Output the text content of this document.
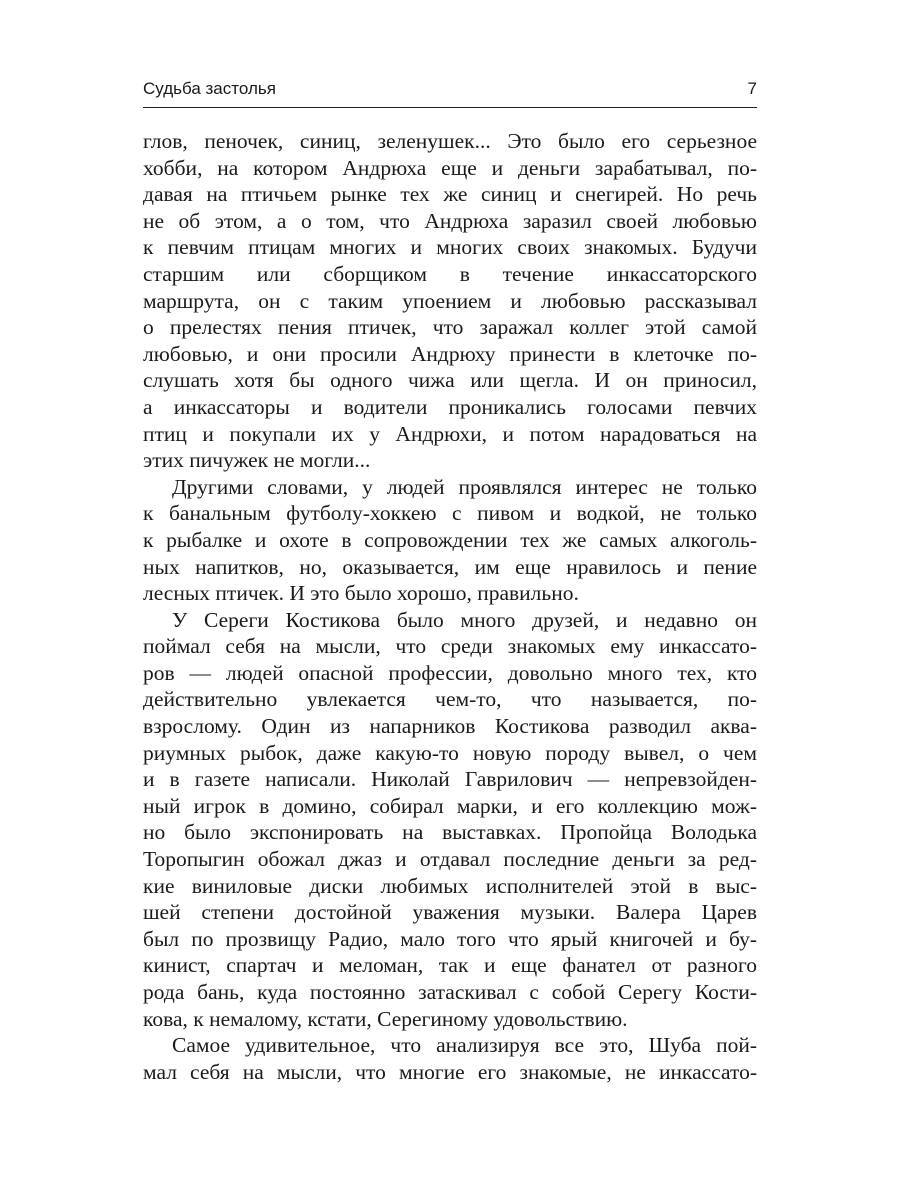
Судьба застолья	7
глов, пеночек, синиц, зеленушек... Это было его серьезное
хобби, на котором Андрюха еще и деньги зарабатывал, по-
давая на птичьем рынке тех же синиц и снегирей. Но речь
не об этом, а о том, что Андрюха заразил своей любовью
к певчим птицам многих и многих своих знакомых. Будучи
старшим или сборщиком в течение инкассаторского
маршрута, он с таким упоением и любовью рассказывал
о прелестях пения птичек, что заражал коллег этой самой
любовью, и они просили Андрюху принести в клеточке по-
слушать хотя бы одного чижа или щегла. И он приносил,
а инкассаторы и водители проникались голосами певчих
птиц и покупали их у Андрюхи, и потом нарадоваться на
этих пичужек не могли...
Другими словами, у людей проявлялся интерес не только
к банальным футболу-хоккею с пивом и водкой, не только
к рыбалке и охоте в сопровождении тех же самых алкоголь-
ных напитков, но, оказывается, им еще нравилось и пение
лесных птичек. И это было хорошо, правильно.
У Сереги Костикова было много друзей, и недавно он
поймал себя на мысли, что среди знакомых ему инкассато-
ров — людей опасной профессии, довольно много тех, кто
действительно увлекается чем-то, что называется, по-
взрослому. Один из напарников Костикова разводил аква-
риумных рыбок, даже какую-то новую породу вывел, о чем
и в газете написали. Николай Гаврилович — непревзойден-
ный игрок в домино, собирал марки, и его коллекцию мож-
но было экспонировать на выставках. Пропойца Володька
Торопыгин обожал джаз и отдавал последние деньги за ред-
кие виниловые диски любимых исполнителей этой в выс-
шей степени достойной уважения музыки. Валера Царев
был по прозвищу Радио, мало того что ярый книгочей и бу-
кинист, спартач и меломан, так и еще фанател от разного
рода бань, куда постоянно затаскивал с собой Серегу Кости-
кова, к немалому, кстати, Серегиному удовольствию.
Самое удивительное, что анализируя все это, Шуба пой-
мал себя на мысли, что многие его знакомые, не инкассато-
